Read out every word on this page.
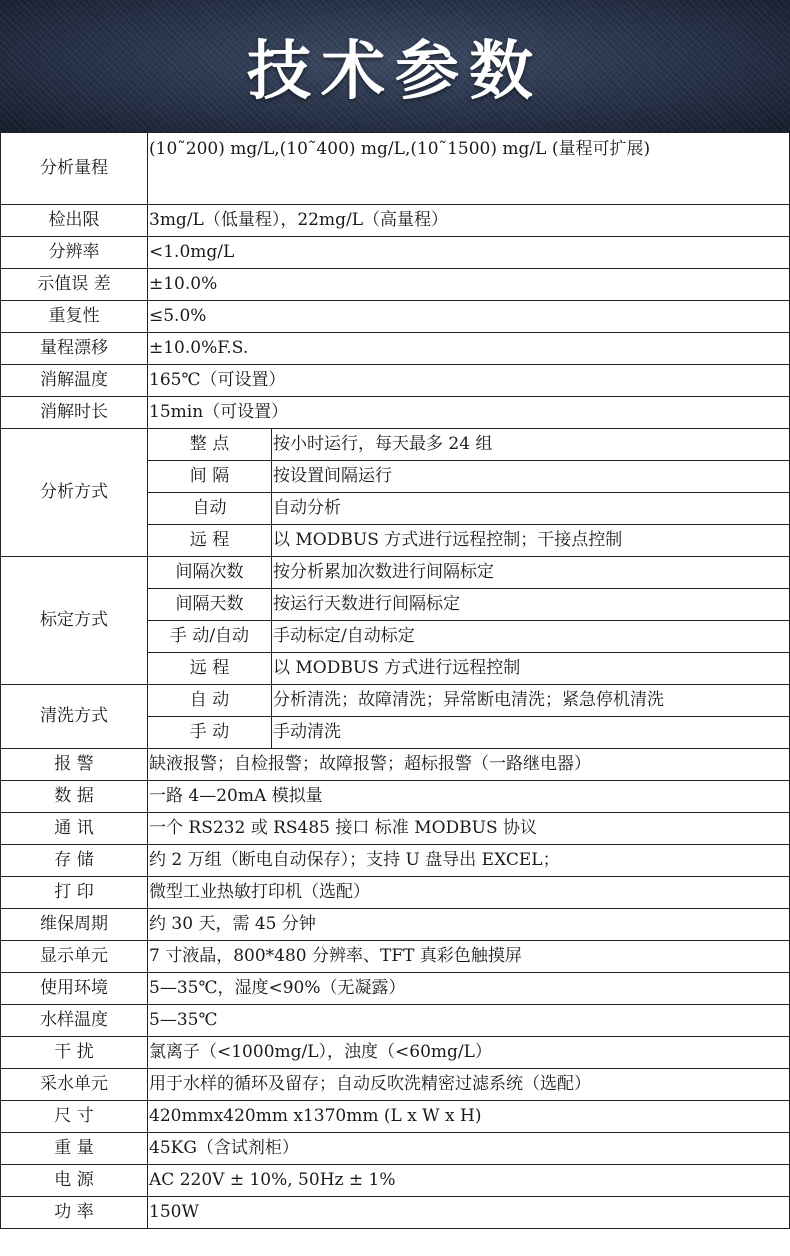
技术参数
分析量程	(10˜200) mg/L,(10˜400) mg/L,(10˜1500) mg/L (量程可扩展)	
检出限	3mg/L（低量程），22mg/L（高量程）	
分辨率	<1.0mg/L	
示值误 差	±10.0%	
重复性	≤5.0%	
量程漂移	±10.0%F.S.	
消解温度	165℃（可设置）	
消解时长	15min（可设置）	
分析方式	整 点	按小时运行，每天最多 24 组
	间 隔	按设置间隔运行
	自动	自动分析
	远 程	以 MODBUS 方式进行远程控制；干接点控制
标定方式	间隔次数	按分析累加次数进行间隔标定
	间隔天数	按运行天数进行间隔标定
	手 动/自动	手动标定/自动标定
	远 程	以 MODBUS 方式进行远程控制
清洗方式	自 动	分析清洗；故障清洗；异常断电清洗；紧急停机清洗
	手 动	手动清洗
报 警	缺液报警；自检报警；故障报警；超标报警（一路继电器）	
数 据	一路 4—20mA 模拟量	
通 讯	一个 RS232 或 RS485 接口 标准 MODBUS 协议	
存 储	约 2 万组（断电自动保存）；支持 U 盘导出 EXCEL；	
打 印	微型工业热敏打印机（选配）	
维保周期	约 30 天，需 45 分钟	
显示单元	7 寸液晶，800*480 分辨率、TFT 真彩色触摸屏	
使用环境	5—35℃，湿度<90%（无凝露）	
水样温度	5—35℃	
干 扰	氯离子（<1000mg/L），浊度（<60mg/L）	
采水单元	用于水样的循环及留存；自动反吹洗精密过滤系统（选配）	
尺 寸	420mmx420mm x1370mm (L x W x H)	
重 量	45KG（含试剂柜）	
电 源	AC 220V ± 10%, 50Hz ± 1%	
功 率	150W	
